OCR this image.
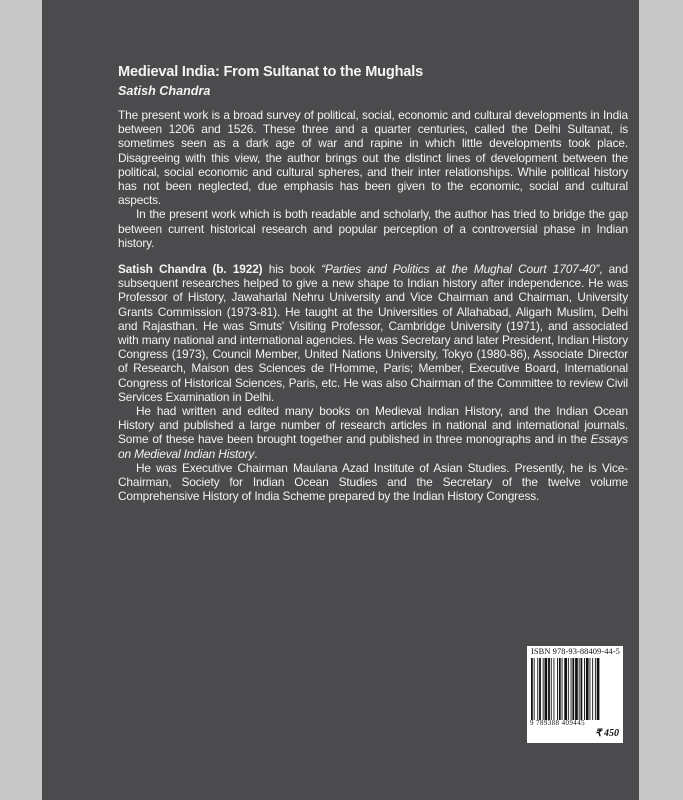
Medieval India: From Sultanat to the Mughals

Satish Chandra

The present work is a broad survey of political, social, economic and cultural developments in India between 1206 and 1526. These three and a quarter centuries, called the Delhi Sultanat, is sometimes seen as a dark age of war and rapine in which little developments took place. Disagreeing with this view, the author brings out the distinct lines of development between the political, social economic and cultural spheres, and their inter relationships. While political history has not been neglected, due emphasis has been given to the economic, social and cultural aspects.

In the present work which is both readable and scholarly, the author has tried to bridge the gap between current historical research and popular perception of a controversial phase in Indian history.

Satish Chandra (b. 1922) his book “Parties and Politics at the Mughal Court 1707-40”, and subsequent researches helped to give a new shape to Indian history after independence. He was Professor of History, Jawaharlal Nehru University and Vice Chairman and Chairman, University Grants Commission (1973-81). He taught at the Universities of Allahabad, Aligarh Muslim, Delhi and Rajasthan. He was Smuts' Visiting Professor, Cambridge University (1971), and associated with many national and international agencies. He was Secretary and later President, Indian History Congress (1973), Council Member, United Nations University, Tokyo (1980-86), Associate Director of Research, Maison des Sciences de l'Homme, Paris; Member, Executive Board, International Congress of Historical Sciences, Paris, etc. He was also Chairman of the Committee to review Civil Services Examination in Delhi.

He had written and edited many books on Medieval Indian History, and the Indian Ocean History and published a large number of research articles in national and international journals. Some of these have been brought together and published in three monographs and in the Essays on Medieval Indian History.

He was Executive Chairman Maulana Azad Institute of Asian Studies. Presently, he is Vice-Chairman, Society for Indian Ocean Studies and the Secretary of the twelve volume Comprehensive History of India Scheme prepared by the Indian History Congress.

ISBN 978-93-88409-44-5
9 789388 409445
₹ 450
